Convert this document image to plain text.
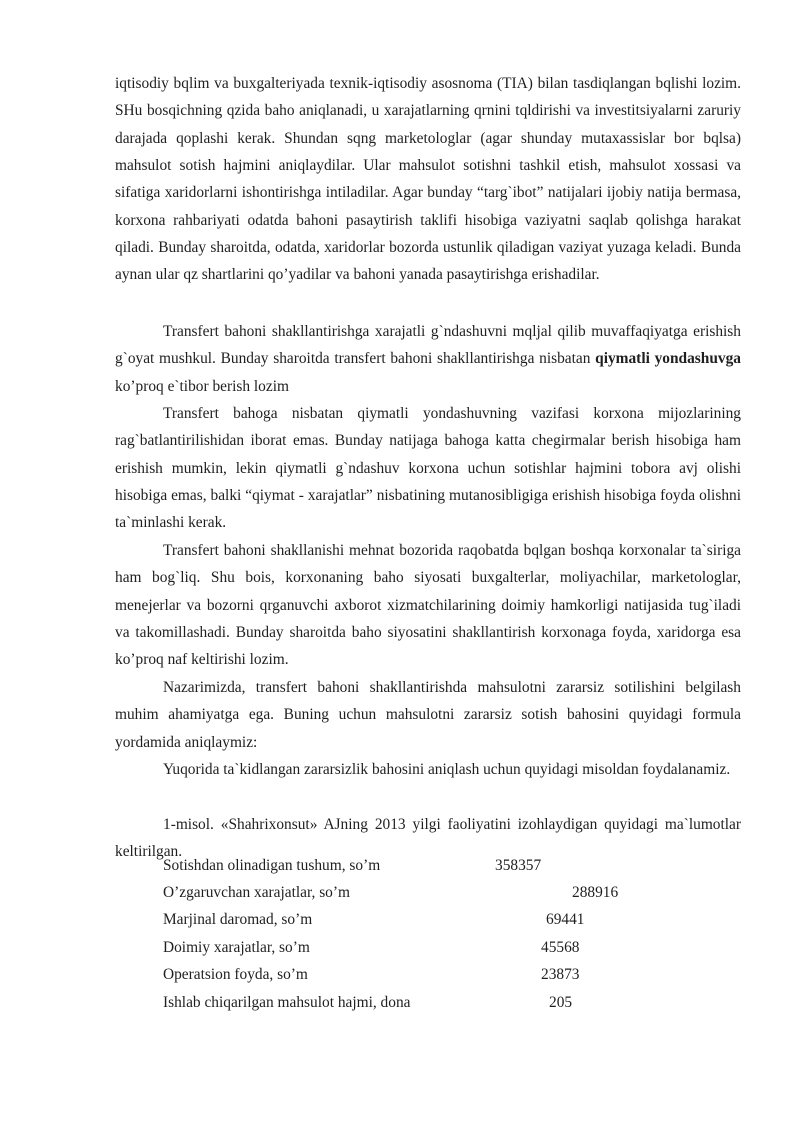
iqtisodiy bqlim va buxgalteriyada texnik-iqtisodiy asosnoma (TIA) bilan tasdiqlangan bqlishi lozim. SHu bosqichning qzida baho aniqlanadi, u xarajatlarning qrnini tqldirishi va investitsiyalarni zaruriy darajada qoplashi kerak. Shundan sqng marketologlar (agar shunday mutaxassislar bor bqlsa) mahsulot sotish hajmini aniqlaydilar. Ular mahsulot sotishni tashkil etish, mahsulot xossasi va sifatiga xaridorlarni ishontirishga intiladilar. Agar bunday “targ`ibot” natijalari ijobiy natija bermasa, korxona rahbariyati odatda bahoni pasaytirish taklifi hisobiga vaziyatni saqlab qolishga harakat qiladi. Bunday sharoitda, odatda, xaridorlar bozorda ustunlik qiladigan vaziyat yuzaga keladi. Bunda aynan ular qz shartlarini qo’yadilar va bahoni yanada pasaytirishga erishadilar.

Transfert bahoni shakllantirishga xarajatli g`ndashuvni mqljal qilib muvaffaqiyatga erishish g`oyat mushkul. Bunday sharoitda transfert bahoni shakllantirishga nisbatan qiymatli yondashuvga ko’proq e`tibor berish lozim

Transfert bahoga nisbatan qiymatli yondashuvning vazifasi korxona mijozlarining rag`batlantirilishidan iborat emas. Bunday natijaga bahoga katta chegirmalar berish hisobiga ham erishish mumkin, lekin qiymatli g`ndashuv korxona uchun sotishlar hajmini tobora avj olishi hisobiga emas, balki “qiymat - xarajatlar” nisbatining mutanosibligiga erishish hisobiga foyda olishni ta`minlashi kerak.

Transfert bahoni shakllanishi mehnat bozorida raqobatda bqlgan boshqa korxonalar ta`siriga ham bog`liq. Shu bois, korxonaning baho siyosati buxgalterlar, moliyachilar, marketologlar, menejerlar va bozorni qrganuvchi axborot xizmatchilarining doimiy hamkorligi natijasida tug`iladi va takomillashadi. Bunday sharoitda baho siyosatini shakllantirish korxonaga foyda, xaridorga esa ko’proq naf keltirishi lozim.

Nazarimizda, transfert bahoni shakllantirishda mahsulotni zararsiz sotilishini belgilash muhim ahamiyatga ega. Buning uchun mahsulotni zararsiz sotish bahosini quyidagi formula yordamida aniqlaymiz:

Yuqorida ta`kidlangan zararsizlik bahosini aniqlash uchun quyidagi misoldan foydalanamiz.

1-misol. «Shahrixonsut» AJning 2013 yilgi faoliyatini izohlaydigan quyidagi ma`lumotlar keltirilgan.

Sotishdan olinadigan tushum, so’m	358357
O’zgaruvchan xarajatlar, so’m	288916
Marjinal daromad, so’m	69441
Doimiy xarajatlar, so’m	45568
Operatsion foyda, so’m	23873
Ishlab chiqarilgan mahsulot hajmi, dona	205
